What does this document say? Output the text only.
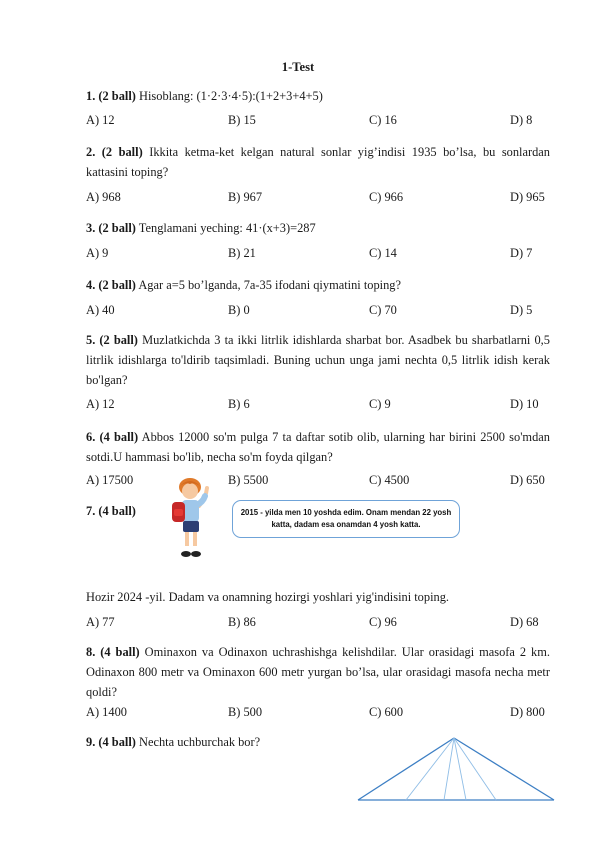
1-Test
1. (2 ball) Hisoblang: (1·2·3·4·5):(1+2+3+4+5)
A) 12	B) 15	C) 16	D) 8
2. (2 ball) Ikkita ketma-ket kelgan natural sonlar yig’indisi 1935 bo’lsa, bu sonlardan kattasini toping?
A) 968	B) 967	C) 966	D) 965
3. (2 ball) Tenglamani yeching: 41·(x+3)=287
A) 9	B) 21	C) 14	D) 7
4. (2 ball) Agar a=5 bo’lganda, 7a-35 ifodani qiymatini toping?
A) 40	B) 0	C) 70	D) 5
5. (2 ball) Muzlatkichda 3 ta ikki litrlik idishlarda sharbat bor. Asadbek bu sharbatlarni 0,5 litrlik idishlarga to'ldirib taqsimladi. Buning uchun unga jami nechta 0,5 litrlik idish kerak bo'lgan?
A) 12	B) 6	C) 9	D) 10
6. (4 ball) Abbos 12000 so'm pulga 7 ta daftar sotib olib, ularning har birini 2500 so'mdan sotdi.U hammasi bo'lib, necha so'm foyda qilgan?
A) 17500	B) 5500	C) 4500	D) 650
7. (4 ball)	2015 - yilda men 10 yoshda edim. Onam mendan 22 yosh katta, dadam esa onamdan 4 yosh katta.
Hozir 2024 -yil. Dadam va onamning hozirgi yoshlari yig'indisini toping.
A) 77	B) 86	C) 96	D) 68
8. (4 ball) Ominaxon va Odinaxon uchrashishga kelishdilar. Ular orasidagi masofa 2 km. Odinaxon 800 metr va Ominaxon 600 metr yurgan bo’lsa, ular orasidagi masofa necha metr qoldi?
A) 1400	B) 500	C) 600	D) 800
9. (4 ball) Nechta uchburchak bor?
